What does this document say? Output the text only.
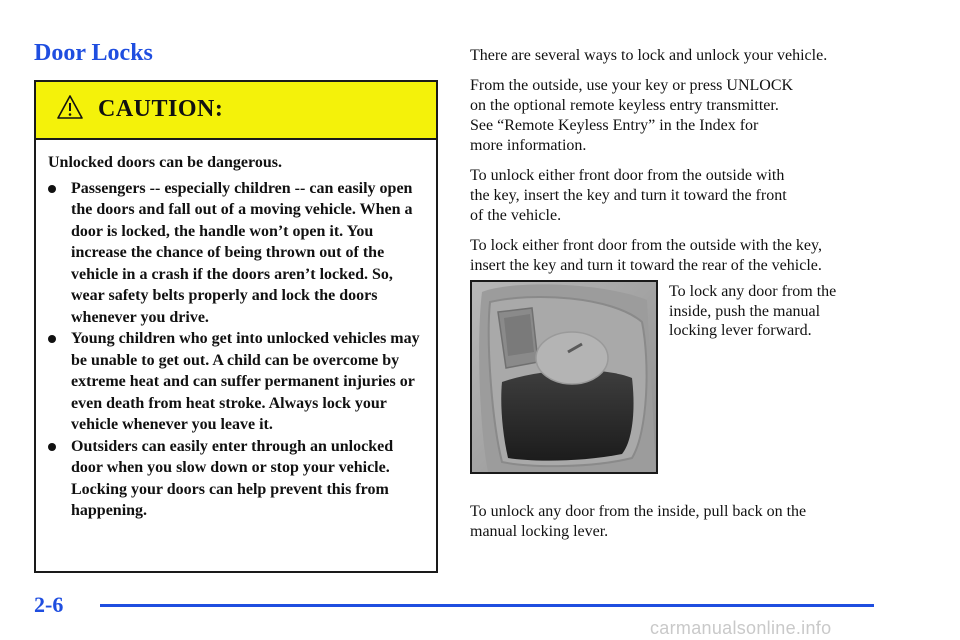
Door Locks
CAUTION:

Unlocked doors can be dangerous.

Passengers -- especially children -- can easily open the doors and fall out of a moving vehicle. When a door is locked, the handle won’t open it. You increase the chance of being thrown out of the vehicle in a crash if the doors aren’t locked. So, wear safety belts properly and lock the doors whenever you drive.
Young children who get into unlocked vehicles may be unable to get out. A child can be overcome by extreme heat and can suffer permanent injuries or even death from heat stroke. Always lock your vehicle whenever you leave it.
Outsiders can easily enter through an unlocked door when you slow down or stop your vehicle. Locking your doors can help prevent this from happening.

There are several ways to lock and unlock your vehicle.

From the outside, use your key or press UNLOCK
on the optional remote keyless entry transmitter.
See “Remote Keyless Entry” in the Index for
more information.

To unlock either front door from the outside with
the key, insert the key and turn it toward the front
of the vehicle.

To lock either front door from the outside with the key,
insert the key and turn it toward the rear of the vehicle.

To lock any door from the
inside, push the manual
locking lever forward.
To unlock any door from the inside, pull back on the
manual locking lever.
2-6
carmanualsonline.info
